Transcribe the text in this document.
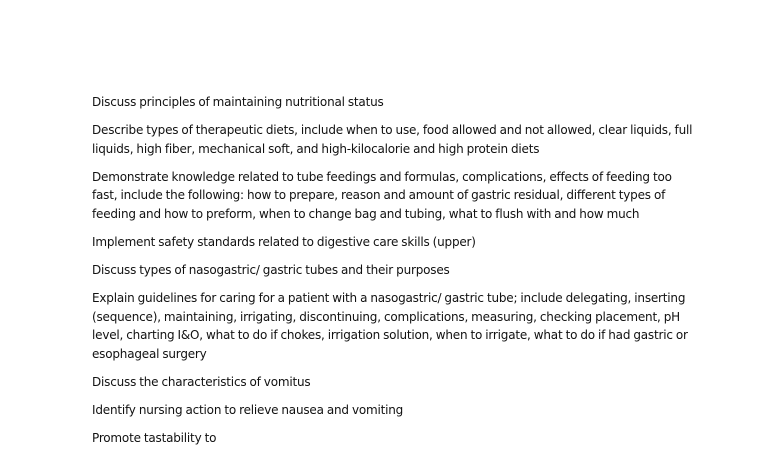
Discuss principles of maintaining nutritional status

Describe types of therapeutic diets, include when to use, food allowed and not allowed, clear liquids, full
liquids, high fiber, mechanical soft, and high-kilocalorie and high protein diets

Demonstrate knowledge related to tube feedings and formulas, complications, effects of feeding too
fast, include the following: how to prepare, reason and amount of gastric residual, different types of
feeding and how to preform, when to change bag and tubing, what to flush with and how much

Implement safety standards related to digestive care skills (upper)

Discuss types of nasogastric/ gastric tubes and their purposes

Explain guidelines for caring for a patient with a nasogastric/ gastric tube; include delegating, inserting
(sequence), maintaining, irrigating, discontinuing, complications, measuring, checking placement, pH
level, charting I&O, what to do if chokes, irrigation solution, when to irrigate, what to do if had gastric or
esophageal surgery

Discuss the characteristics of vomitus

Identify nursing action to relieve nausea and vomiting

Promote tastability to
